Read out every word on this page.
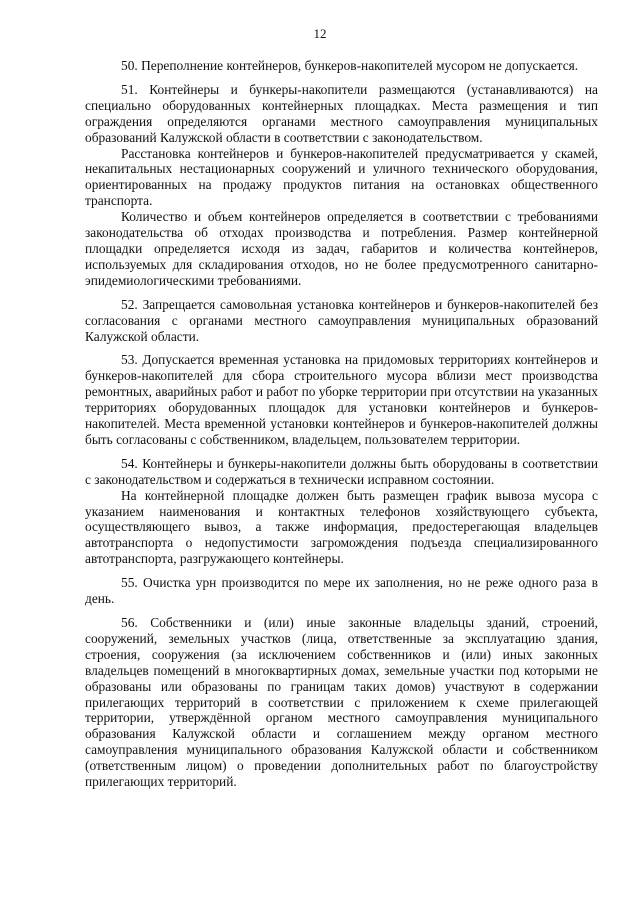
12

50. Переполнение контейнеров, бункеров-накопителей мусором не допускается.

51. Контейнеры и бункеры-накопители размещаются (устанавливаются) на специально оборудованных контейнерных площадках. Места размещения и тип ограждения определяются органами местного самоуправления муниципальных образований Калужской области в соответствии с законодательством.

Расстановка контейнеров и бункеров-накопителей предусматривается у скамей, некапитальных нестационарных сооружений и уличного технического оборудования, ориентированных на продажу продуктов питания на остановках общественного транспорта.

Количество и объем контейнеров определяется в соответствии с требованиями законодательства об отходах производства и потребления. Размер контейнерной площадки определяется исходя из задач, габаритов и количества контейнеров, используемых для складирования отходов, но не более предусмотренного санитарно-эпидемиологическими требованиями.

52. Запрещается самовольная установка контейнеров и бункеров-накопителей без согласования с органами местного самоуправления муниципальных образований Калужской области.

53. Допускается временная установка на придомовых территориях контейнеров и бункеров-накопителей для сбора строительного мусора вблизи мест производства ремонтных, аварийных работ и работ по уборке территории при отсутствии на указанных территориях оборудованных площадок для установки контейнеров и бункеров-накопителей. Места временной установки контейнеров и бункеров-накопителей должны быть согласованы с собственником, владельцем, пользователем территории.

54. Контейнеры и бункеры-накопители должны быть оборудованы в соответствии с законодательством и содержаться в технически исправном состоянии.

На контейнерной площадке должен быть размещен график вывоза мусора с указанием наименования и контактных телефонов хозяйствующего субъекта, осуществляющего вывоз, а также информация, предостерегающая владельцев автотранспорта о недопустимости загромождения подъезда специализированного автотранспорта, разгружающего контейнеры.

55. Очистка урн производится по мере их заполнения, но не реже одного раза в день.

56. Собственники и (или) иные законные владельцы зданий, строений, сооружений, земельных участков (лица, ответственные за эксплуатацию здания, строения, сооружения (за исключением собственников и (или) иных законных владельцев помещений в многоквартирных домах, земельные участки под которыми не образованы или образованы по границам таких домов) участвуют в содержании прилегающих территорий в соответствии с приложением к схеме прилегающей территории, утверждённой органом местного самоуправления муниципального образования Калужской области и соглашением между органом местного самоуправления муниципального образования Калужской области и собственником (ответственным лицом) о проведении дополнительных работ по благоустройству прилегающих территорий.
